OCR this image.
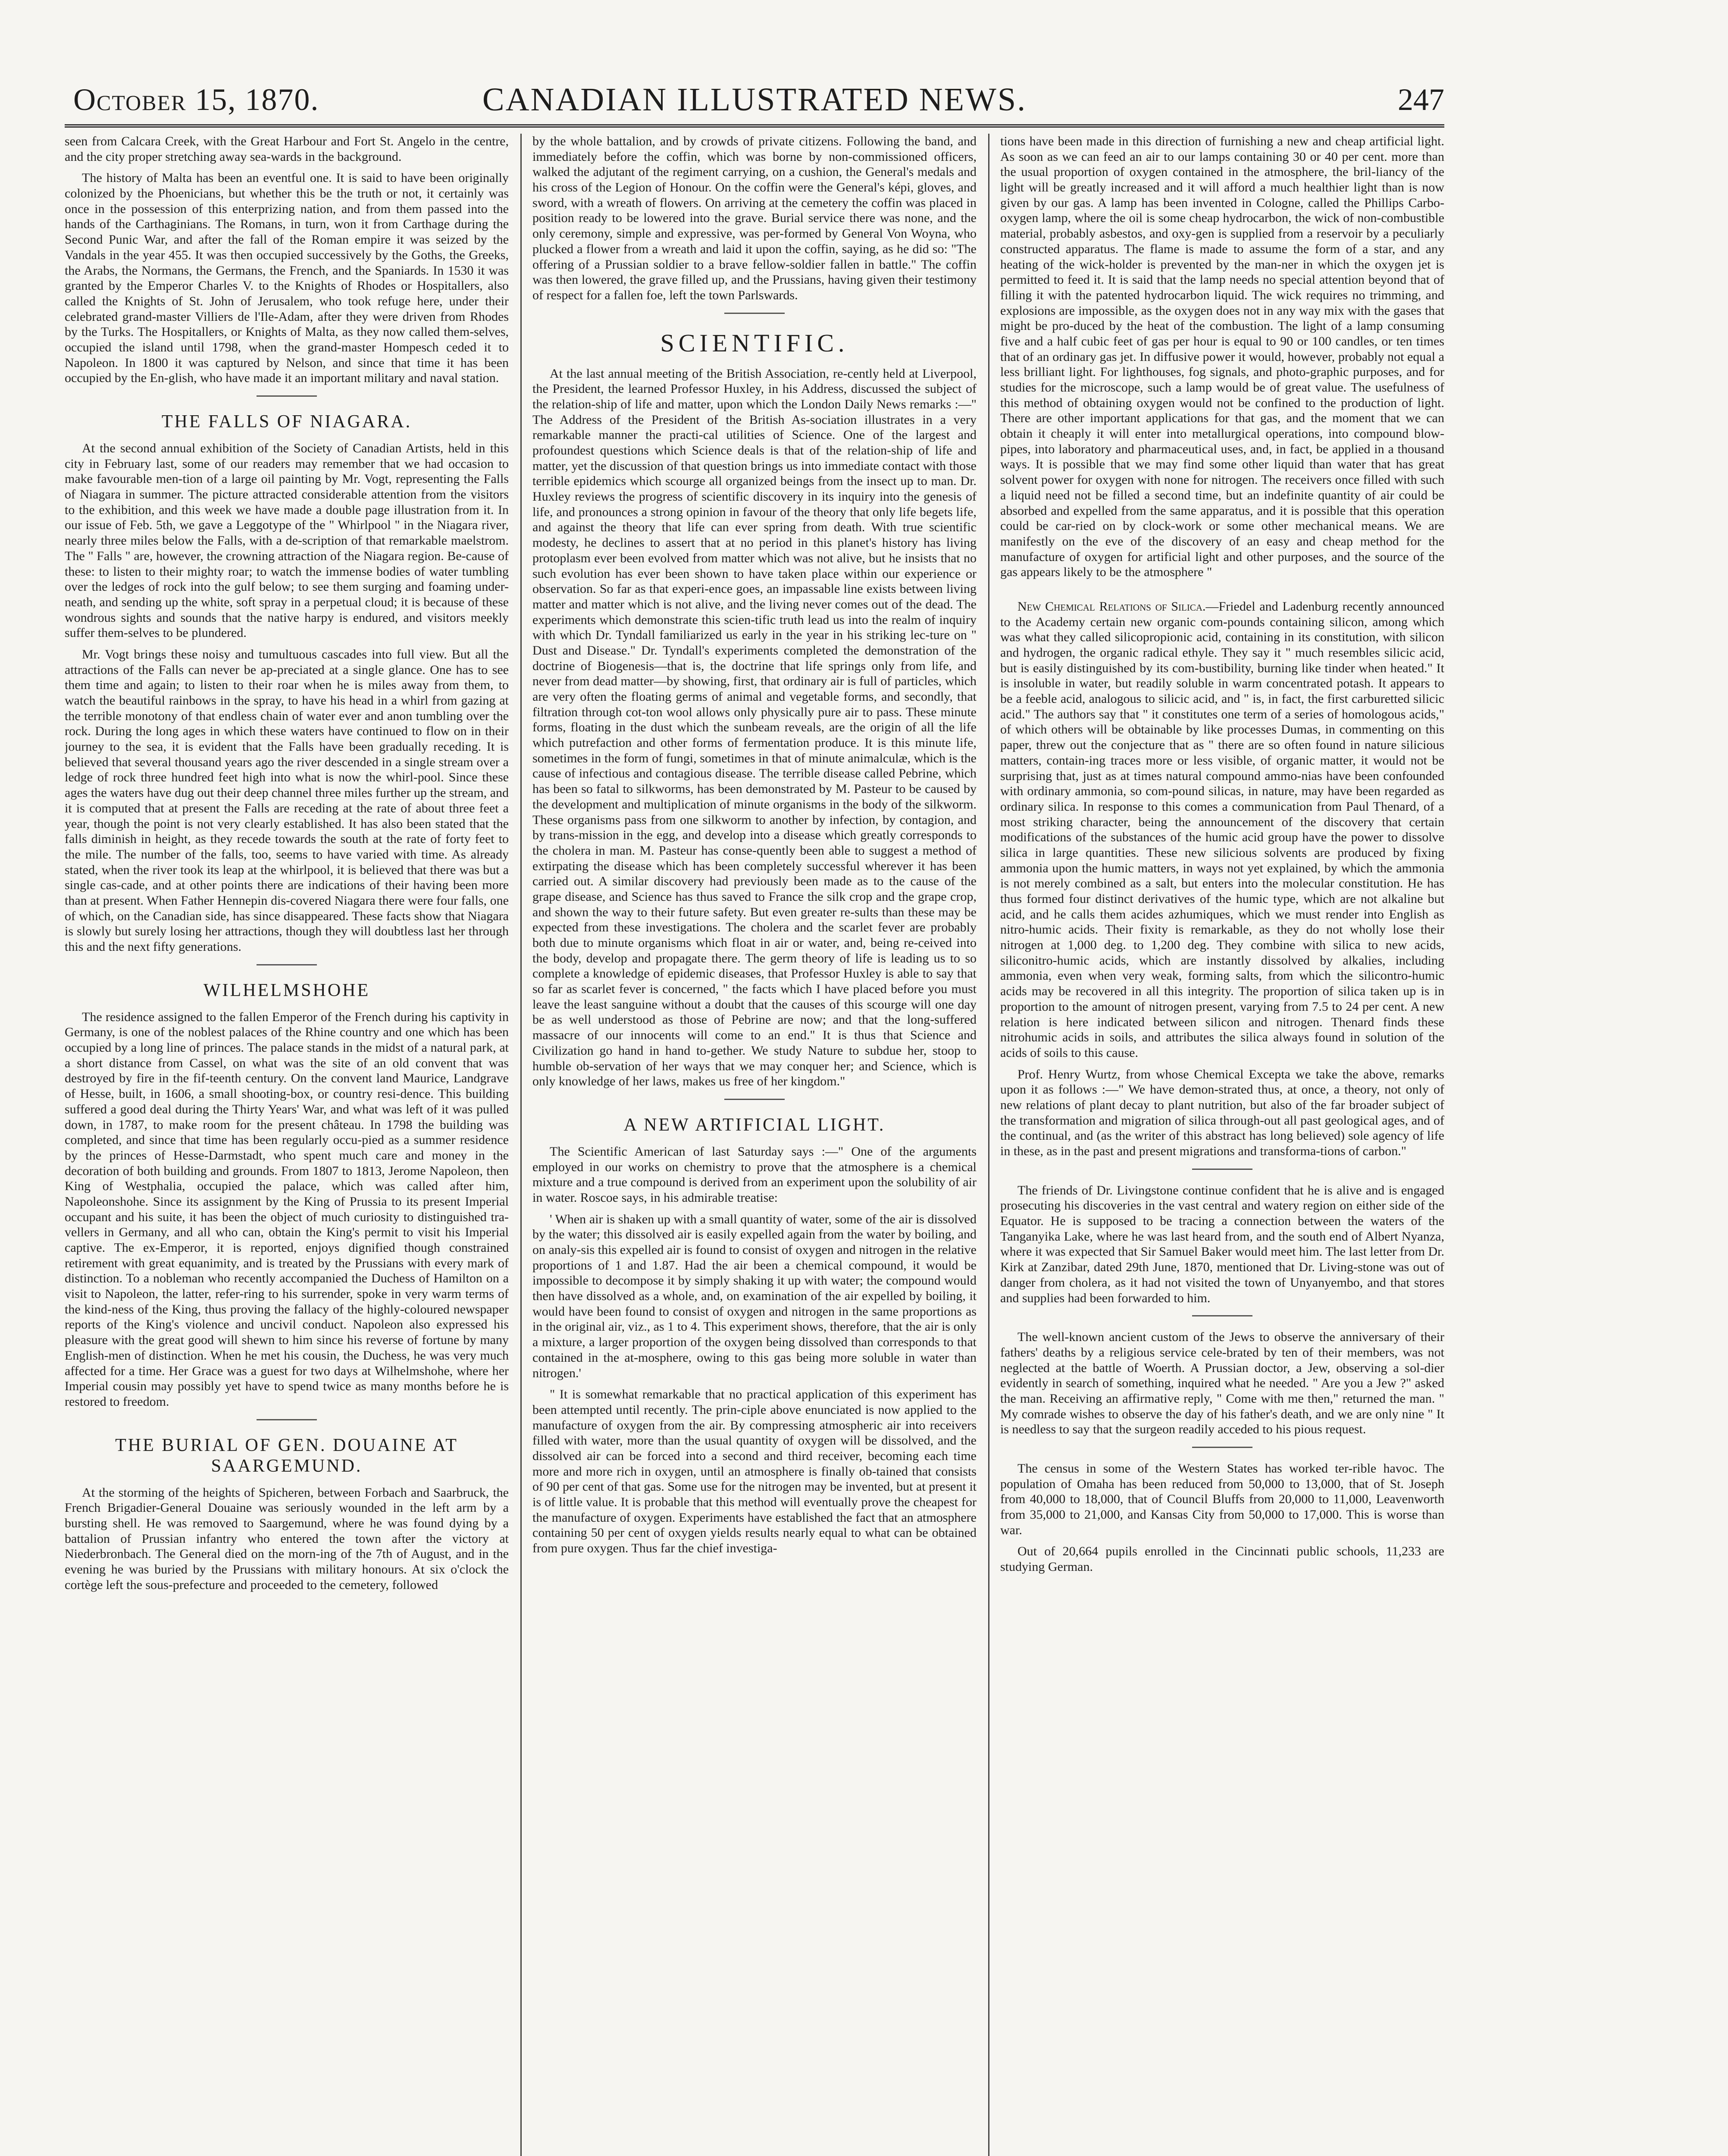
October 15, 1870.	CANADIAN ILLUSTRATED NEWS.	247

seen from Calcara Creek, with the Great Harbour and Fort St. Angelo in the centre, and the city proper stretching away sea-wards in the background.

The history of Malta has been an eventful one. It is said to have been originally colonized by the Phoenicians, but whether this be the truth or not, it certainly was once in the possession of this enterprizing nation, and from them passed into the hands of the Carthaginians. The Romans, in turn, won it from Carthage during the Second Punic War, and after the fall of the Roman empire it was seized by the Vandals in the year 455. It was then occupied successively by the Goths, the Greeks, the Arabs, the Normans, the Germans, the French, and the Spaniards. In 1530 it was granted by the Emperor Charles V. to the Knights of Rhodes or Hospitallers, also called the Knights of St. John of Jerusalem, who took refuge here, under their celebrated grand-master Villiers de l'Ile-Adam, after they were driven from Rhodes by the Turks. The Hospitallers, or Knights of Malta, as they now called them-selves, occupied the island until 1798, when the grand-master Hompesch ceded it to Napoleon. In 1800 it was captured by Nelson, and since that time it has been occupied by the En-glish, who have made it an important military and naval station.

THE FALLS OF NIAGARA.

At the second annual exhibition of the Society of Canadian Artists, held in this city in February last, some of our readers may remember that we had occasion to make favourable men-tion of a large oil painting by Mr. Vogt, representing the Falls of Niagara in summer. The picture attracted considerable attention from the visitors to the exhibition, and this week we have made a double page illustration from it. In our issue of Feb. 5th, we gave a Leggotype of the " Whirlpool " in the Niagara river, nearly three miles below the Falls, with a de-scription of that remarkable maelstrom. The " Falls " are, however, the crowning attraction of the Niagara region. Be-cause of these: to listen to their mighty roar; to watch the immense bodies of water tumbling over the ledges of rock into the gulf below; to see them surging and foaming under-neath, and sending up the white, soft spray in a perpetual cloud; it is because of these wondrous sights and sounds that the native harpy is endured, and visitors meekly suffer them-selves to be plundered.

Mr. Vogt brings these noisy and tumultuous cascades into full view. But all the attractions of the Falls can never be ap-preciated at a single glance. One has to see them time and again; to listen to their roar when he is miles away from them, to watch the beautiful rainbows in the spray, to have his head in a whirl from gazing at the terrible monotony of that endless chain of water ever and anon tumbling over the rock. During the long ages in which these waters have continued to flow on in their journey to the sea, it is evident that the Falls have been gradually receding. It is believed that several thousand years ago the river descended in a single stream over a ledge of rock three hundred feet high into what is now the whirl-pool. Since these ages the waters have dug out their deep channel three miles further up the stream, and it is computed that at present the Falls are receding at the rate of about three feet a year, though the point is not very clearly established. It has also been stated that the falls diminish in height, as they recede towards the south at the rate of forty feet to the mile. The number of the falls, too, seems to have varied with time. As already stated, when the river took its leap at the whirlpool, it is believed that there was but a single cas-cade, and at other points there are indications of their having been more than at present. When Father Hennepin dis-covered Niagara there were four falls, one of which, on the Canadian side, has since disappeared. These facts show that Niagara is slowly but surely losing her attractions, though they will doubtless last her through this and the next fifty generations.

WILHELMSHOHE

The residence assigned to the fallen Emperor of the French during his captivity in Germany, is one of the noblest palaces of the Rhine country and one which has been occupied by a long line of princes. The palace stands in the midst of a natural park, at a short distance from Cassel, on what was the site of an old convent that was destroyed by fire in the fif-teenth century. On the convent land Maurice, Landgrave of Hesse, built, in 1606, a small shooting-box, or country resi-dence. This building suffered a good deal during the Thirty Years' War, and what was left of it was pulled down, in 1787, to make room for the present château. In 1798 the building was completed, and since that time has been regularly occu-pied as a summer residence by the princes of Hesse-Darmstadt, who spent much care and money in the decoration of both building and grounds. From 1807 to 1813, Jerome Napoleon, then King of Westphalia, occupied the palace, which was called after him, Napoleonshohe. Since its assignment by the King of Prussia to its present Imperial occupant and his suite, it has been the object of much curiosity to distinguished tra-vellers in Germany, and all who can, obtain the King's permit to visit his Imperial captive. The ex-Emperor, it is reported, enjoys dignified though constrained retirement with great equanimity, and is treated by the Prussians with every mark of distinction. To a nobleman who recently accompanied the Duchess of Hamilton on a visit to Napoleon, the latter, refer-ring to his surrender, spoke in very warm terms of the kind-ness of the King, thus proving the fallacy of the highly-coloured newspaper reports of the King's violence and uncivil conduct. Napoleon also expressed his pleasure with the great good will shewn to him since his reverse of fortune by many English-men of distinction. When he met his cousin, the Duchess, he was very much affected for a time. Her Grace was a guest for two days at Wilhelmshohe, where her Imperial cousin may possibly yet have to spend twice as many months before he is restored to freedom.

THE BURIAL OF GEN. DOUAINE AT SAARGEMUND.

At the storming of the heights of Spicheren, between Forbach and Saarbruck, the French Brigadier-General Douaine was seriously wounded in the left arm by a bursting shell. He was removed to Saargemund, where he was found dying by a battalion of Prussian infantry who entered the town after the victory at Niederbronbach. The General died on the morn-ing of the 7th of August, and in the evening he was buried by the Prussians with military honours. At six o'clock the cortège left the sous-prefecture and proceeded to the cemetery, followed

by the whole battalion, and by crowds of private citizens. Following the band, and immediately before the coffin, which was borne by non-commissioned officers, walked the adjutant of the regiment carrying, on a cushion, the General's medals and his cross of the Legion of Honour. On the coffin were the General's képi, gloves, and sword, with a wreath of flowers. On arriving at the cemetery the coffin was placed in position ready to be lowered into the grave. Burial service there was none, and the only ceremony, simple and expressive, was per-formed by General Von Woyna, who plucked a flower from a wreath and laid it upon the coffin, saying, as he did so: "The offering of a Prussian soldier to a brave fellow-soldier fallen in battle." The coffin was then lowered, the grave filled up, and the Prussians, having given their testimony of respect for a fallen foe, left the town Parlswards.

SCIENTIFIC.

At the last annual meeting of the British Association, re-cently held at Liverpool, the President, the learned Professor Huxley, in his Address, discussed the subject of the relation-ship of life and matter, upon which the London Daily News remarks :—" The Address of the President of the British As-sociation illustrates in a very remarkable manner the practi-cal utilities of Science. One of the largest and profoundest questions which Science deals is that of the relation-ship of life and matter, yet the discussion of that question brings us into immediate contact with those terrible epidemics which scourge all organized beings from the insect up to man. Dr. Huxley reviews the progress of scientific discovery in its inquiry into the genesis of life, and pronounces a strong opinion in favour of the theory that only life begets life, and against the theory that life can ever spring from death. With true scientific modesty, he declines to assert that at no period in this planet's history has living protoplasm ever been evolved from matter which was not alive, but he insists that no such evolution has ever been shown to have taken place within our experience or observation. So far as that experi-ence goes, an impassable line exists between living matter and matter which is not alive, and the living never comes out of the dead. The experiments which demonstrate this scien-tific truth lead us into the realm of inquiry with which Dr. Tyndall familiarized us early in the year in his striking lec-ture on " Dust and Disease." Dr. Tyndall's experiments completed the demonstration of the doctrine of Biogenesis—that is, the doctrine that life springs only from life, and never from dead matter—by showing, first, that ordinary air is full of particles, which are very often the floating germs of animal and vegetable forms, and secondly, that filtration through cot-ton wool allows only physically pure air to pass. These minute forms, floating in the dust which the sunbeam reveals, are the origin of all the life which putrefaction and other forms of fermentation produce. It is this minute life, sometimes in the form of fungi, sometimes in that of minute animalculæ, which is the cause of infectious and contagious disease. The terrible disease called Pebrine, which has been so fatal to silkworms, has been demonstrated by M. Pasteur to be caused by the development and multiplication of minute organisms in the body of the silkworm. These organisms pass from one silkworm to another by infection, by contagion, and by trans-mission in the egg, and develop into a disease which greatly corresponds to the cholera in man. M. Pasteur has conse-quently been able to suggest a method of extirpating the disease which has been completely successful wherever it has been carried out. A similar discovery had previously been made as to the cause of the grape disease, and Science has thus saved to France the silk crop and the grape crop, and shown the way to their future safety. But even greater re-sults than these may be expected from these investigations. The cholera and the scarlet fever are probably both due to minute organisms which float in air or water, and, being re-ceived into the body, develop and propagate there. The germ theory of life is leading us to so complete a knowledge of epidemic diseases, that Professor Huxley is able to say that so far as scarlet fever is concerned, " the facts which I have placed before you must leave the least sanguine without a doubt that the causes of this scourge will one day be as well understood as those of Pebrine are now; and that the long-suffered massacre of our innocents will come to an end." It is thus that Science and Civilization go hand in hand to-gether. We study Nature to subdue her, stoop to humble ob-servation of her ways that we may conquer her; and Science, which is only knowledge of her laws, makes us free of her kingdom."

A NEW ARTIFICIAL LIGHT.

The Scientific American of last Saturday says :—" One of the arguments employed in our works on chemistry to prove that the atmosphere is a chemical mixture and a true compound is derived from an experiment upon the solubility of air in water. Roscoe says, in his admirable treatise:

' When air is shaken up with a small quantity of water, some of the air is dissolved by the water; this dissolved air is easily expelled again from the water by boiling, and on analy-sis this expelled air is found to consist of oxygen and nitrogen in the relative proportions of 1 and 1.87. Had the air been a chemical compound, it would be impossible to decompose it by simply shaking it up with water; the compound would then have dissolved as a whole, and, on examination of the air expelled by boiling, it would have been found to consist of oxygen and nitrogen in the same proportions as in the original air, viz., as 1 to 4. This experiment shows, therefore, that the air is only a mixture, a larger proportion of the oxygen being dissolved than corresponds to that contained in the at-mosphere, owing to this gas being more soluble in water than nitrogen.'

" It is somewhat remarkable that no practical application of this experiment has been attempted until recently. The prin-ciple above enunciated is now applied to the manufacture of oxygen from the air. By compressing atmospheric air into receivers filled with water, more than the usual quantity of oxygen will be dissolved, and the dissolved air can be forced into a second and third receiver, becoming each time more and more rich in oxygen, until an atmosphere is finally ob-tained that consists of 90 per cent of that gas. Some use for the nitrogen may be invented, but at present it is of little value. It is probable that this method will eventually prove the cheapest for the manufacture of oxygen. Experiments have established the fact that an atmosphere containing 50 per cent of oxygen yields results nearly equal to what can be obtained from pure oxygen. Thus far the chief investiga-

tions have been made in this direction of furnishing a new and cheap artificial light. As soon as we can feed an air to our lamps containing 30 or 40 per cent. more than the usual proportion of oxygen contained in the atmosphere, the bril-liancy of the light will be greatly increased and it will afford a much healthier light than is now given by our gas. A lamp has been invented in Cologne, called the Phillips Carbo-oxygen lamp, where the oil is some cheap hydrocarbon, the wick of non-combustible material, probably asbestos, and oxy-gen is supplied from a reservoir by a peculiarly constructed apparatus. The flame is made to assume the form of a star, and any heating of the wick-holder is prevented by the man-ner in which the oxygen jet is permitted to feed it. It is said that the lamp needs no special attention beyond that of filling it with the patented hydrocarbon liquid. The wick requires no trimming, and explosions are impossible, as the oxygen does not in any way mix with the gases that might be pro-duced by the heat of the combustion. The light of a lamp consuming five and a half cubic feet of gas per hour is equal to 90 or 100 candles, or ten times that of an ordinary gas jet. In diffusive power it would, however, probably not equal a less brilliant light. For lighthouses, fog signals, and photo-graphic purposes, and for studies for the microscope, such a lamp would be of great value. The usefulness of this method of obtaining oxygen would not be confined to the production of light. There are other important applications for that gas, and the moment that we can obtain it cheaply it will enter into metallurgical operations, into compound blow-pipes, into laboratory and pharmaceutical uses, and, in fact, be applied in a thousand ways. It is possible that we may find some other liquid than water that has great solvent power for oxygen with none for nitrogen. The receivers once filled with such a liquid need not be filled a second time, but an indefinite quantity of air could be absorbed and expelled from the same apparatus, and it is possible that this operation could be car-ried on by clock-work or some other mechanical means. We are manifestly on the eve of the discovery of an easy and cheap method for the manufacture of oxygen for artificial light and other purposes, and the source of the gas appears likely to be the atmosphere "

New Chemical Relations of Silica.—Friedel and Ladenburg recently announced to the Academy certain new organic com-pounds containing silicon, among which was what they called silicopropionic acid, containing in its constitution, with silicon and hydrogen, the organic radical ethyle. They say it " much resembles silicic acid, but is easily distinguished by its com-bustibility, burning like tinder when heated." It is insoluble in water, but readily soluble in warm concentrated potash. It appears to be a feeble acid, analogous to silicic acid, and " is, in fact, the first carburetted silicic acid." The authors say that " it constitutes one term of a series of homologous acids," of which others will be obtainable by like processes Dumas, in commenting on this paper, threw out the conjecture that as " there are so often found in nature silicious matters, contain-ing traces more or less visible, of organic matter, it would not be surprising that, just as at times natural compound ammo-nias have been confounded with ordinary ammonia, so com-pound silicas, in nature, may have been regarded as ordinary silica. In response to this comes a communication from Paul Thenard, of a most striking character, being the announcement of the discovery that certain modifications of the substances of the humic acid group have the power to dissolve silica in large quantities. These new silicious solvents are produced by fixing ammonia upon the humic matters, in ways not yet explained, by which the ammonia is not merely combined as a salt, but enters into the molecular constitution. He has thus formed four distinct derivatives of the humic type, which are not alkaline but acid, and he calls them acides azhumiques, which we must render into English as nitro-humic acids. Their fixity is remarkable, as they do not wholly lose their nitrogen at 1,000 deg. to 1,200 deg. They combine with silica to new acids, siliconitro-humic acids, which are instantly dissolved by alkalies, including ammonia, even when very weak, forming salts, from which the silicontro-humic acids may be recovered in all this integrity. The proportion of silica taken up is in proportion to the amount of nitrogen present, varying from 7.5 to 24 per cent. A new relation is here indicated between silicon and nitrogen. Thenard finds these nitrohumic acids in soils, and attributes the silica always found in solution of the acids of soils to this cause.

Prof. Henry Wurtz, from whose Chemical Excepta we take the above, remarks upon it as follows :—" We have demon-strated thus, at once, a theory, not only of new relations of plant decay to plant nutrition, but also of the far broader subject of the transformation and migration of silica through-out all past geological ages, and of the continual, and (as the writer of this abstract has long believed) sole agency of life in these, as in the past and present migrations and transforma-tions of carbon."

The friends of Dr. Livingstone continue confident that he is alive and is engaged prosecuting his discoveries in the vast central and watery region on either side of the Equator. He is supposed to be tracing a connection between the waters of the Tanganyika Lake, where he was last heard from, and the south end of Albert Nyanza, where it was expected that Sir Samuel Baker would meet him. The last letter from Dr. Kirk at Zanzibar, dated 29th June, 1870, mentioned that Dr. Living-stone was out of danger from cholera, as it had not visited the town of Unyanyembo, and that stores and supplies had been forwarded to him.

The well-known ancient custom of the Jews to observe the anniversary of their fathers' deaths by a religious service cele-brated by ten of their members, was not neglected at the battle of Woerth. A Prussian doctor, a Jew, observing a sol-dier evidently in search of something, inquired what he needed. " Are you a Jew ?" asked the man. Receiving an affirmative reply, " Come with me then," returned the man. " My comrade wishes to observe the day of his father's death, and we are only nine " It is needless to say that the surgeon readily acceded to his pious request.

The census in some of the Western States has worked ter-rible havoc. The population of Omaha has been reduced from 50,000 to 13,000, that of St. Joseph from 40,000 to 18,000, that of Council Bluffs from 20,000 to 11,000, Leavenworth from 35,000 to 21,000, and Kansas City from 50,000 to 17,000. This is worse than war.

Out of 20,664 pupils enrolled in the Cincinnati public schools, 11,233 are studying German.
